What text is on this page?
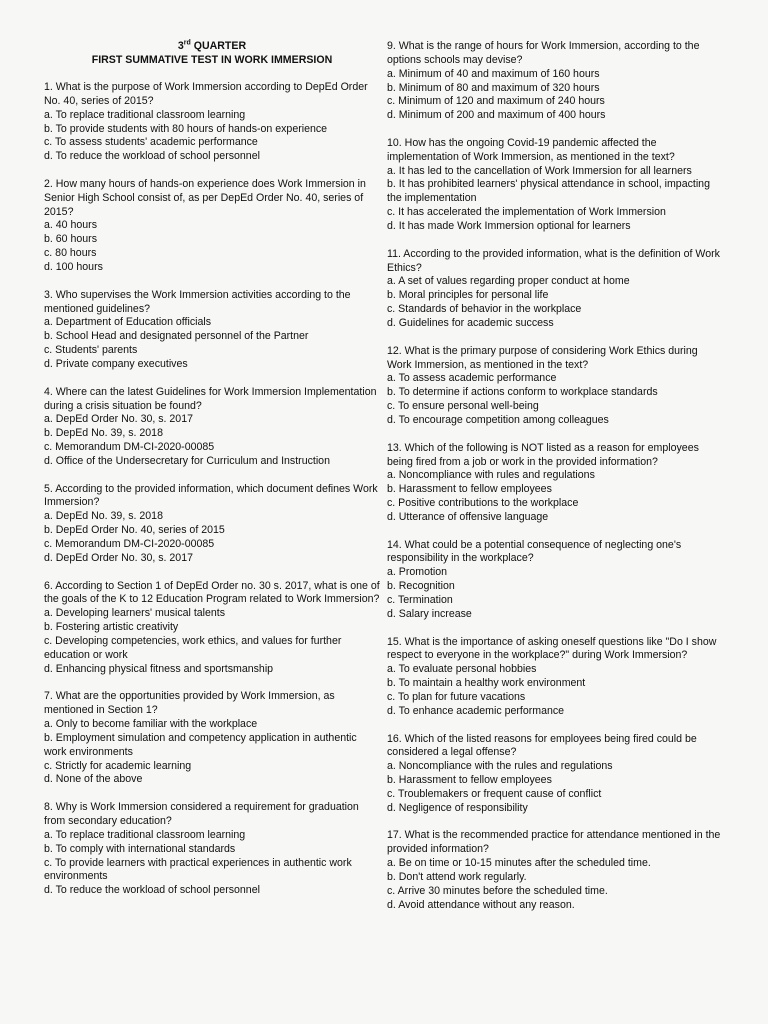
3rd QUARTER
FIRST SUMMATIVE TEST IN WORK IMMERSION

1. What is the purpose of Work Immersion according to DepEd Order No. 40, series of 2015?

a. To replace traditional classroom learning
b. To provide students with 80 hours of hands-on experience
c. To assess students' academic performance
d. To reduce the workload of school personnel

2. How many hours of hands-on experience does Work Immersion in Senior High School consist of, as per DepEd Order No. 40, series of 2015?

a. 40 hours
b. 60 hours
c. 80 hours
d. 100 hours

3. Who supervises the Work Immersion activities according to the mentioned guidelines?

a. Department of Education officials
b. School Head and designated personnel of the Partner
c. Students' parents
d. Private company executives

4. Where can the latest Guidelines for Work Immersion Implementation during a crisis situation be found?

a. DepEd Order No. 30, s. 2017
b. DepEd No. 39, s. 2018
c. Memorandum DM-CI-2020-00085
d. Office of the Undersecretary for Curriculum and Instruction

5. According to the provided information, which document defines Work Immersion?

a. DepEd No. 39, s. 2018
b. DepEd Order No. 40, series of 2015
c. Memorandum DM-CI-2020-00085
d. DepEd Order No. 30, s. 2017

6. According to Section 1 of DepEd Order no. 30 s. 2017, what is one of the goals of the K to 12 Education Program related to Work Immersion?

a. Developing learners' musical talents
b. Fostering artistic creativity
c. Developing competencies, work ethics, and values for further education or work
d. Enhancing physical fitness and sportsmanship

7. What are the opportunities provided by Work Immersion, as mentioned in Section 1?

a. Only to become familiar with the workplace
b. Employment simulation and competency application in authentic work environments
c. Strictly for academic learning
d. None of the above

8. Why is Work Immersion considered a requirement for graduation from secondary education?

a. To replace traditional classroom learning
b. To comply with international standards
c. To provide learners with practical experiences in authentic work environments
d. To reduce the workload of school personnel

9. What is the range of hours for Work Immersion, according to the options schools may devise?

a. Minimum of 40 and maximum of 160 hours
b. Minimum of 80 and maximum of 320 hours
c. Minimum of 120 and maximum of 240 hours
d. Minimum of 200 and maximum of 400 hours

10. How has the ongoing Covid-19 pandemic affected the implementation of Work Immersion, as mentioned in the text?

a. It has led to the cancellation of Work Immersion for all learners
b. It has prohibited learners' physical attendance in school, impacting the implementation
c. It has accelerated the implementation of Work Immersion
d. It has made Work Immersion optional for learners

11. According to the provided information, what is the definition of Work Ethics?

a. A set of values regarding proper conduct at home
b. Moral principles for personal life
c. Standards of behavior in the workplace
d. Guidelines for academic success

12. What is the primary purpose of considering Work Ethics during Work Immersion, as mentioned in the text?

a. To assess academic performance
b. To determine if actions conform to workplace standards
c. To ensure personal well-being
d. To encourage competition among colleagues

13. Which of the following is NOT listed as a reason for employees being fired from a job or work in the provided information?

a. Noncompliance with rules and regulations
b. Harassment to fellow employees
c. Positive contributions to the workplace
d. Utterance of offensive language

14. What could be a potential consequence of neglecting one's responsibility in the workplace?

a. Promotion
b. Recognition
c. Termination
d. Salary increase

15. What is the importance of asking oneself questions like "Do I show respect to everyone in the workplace?" during Work Immersion?

a. To evaluate personal hobbies
b. To maintain a healthy work environment
c. To plan for future vacations
d. To enhance academic performance

16. Which of the listed reasons for employees being fired could be considered a legal offense?

a. Noncompliance with the rules and regulations
b. Harassment to fellow employees
c. Troublemakers or frequent cause of conflict
d. Negligence of responsibility

17. What is the recommended practice for attendance mentioned in the provided information?

a. Be on time or 10-15 minutes after the scheduled time.
b. Don't attend work regularly.
c. Arrive 30 minutes before the scheduled time.
d. Avoid attendance without any reason.
